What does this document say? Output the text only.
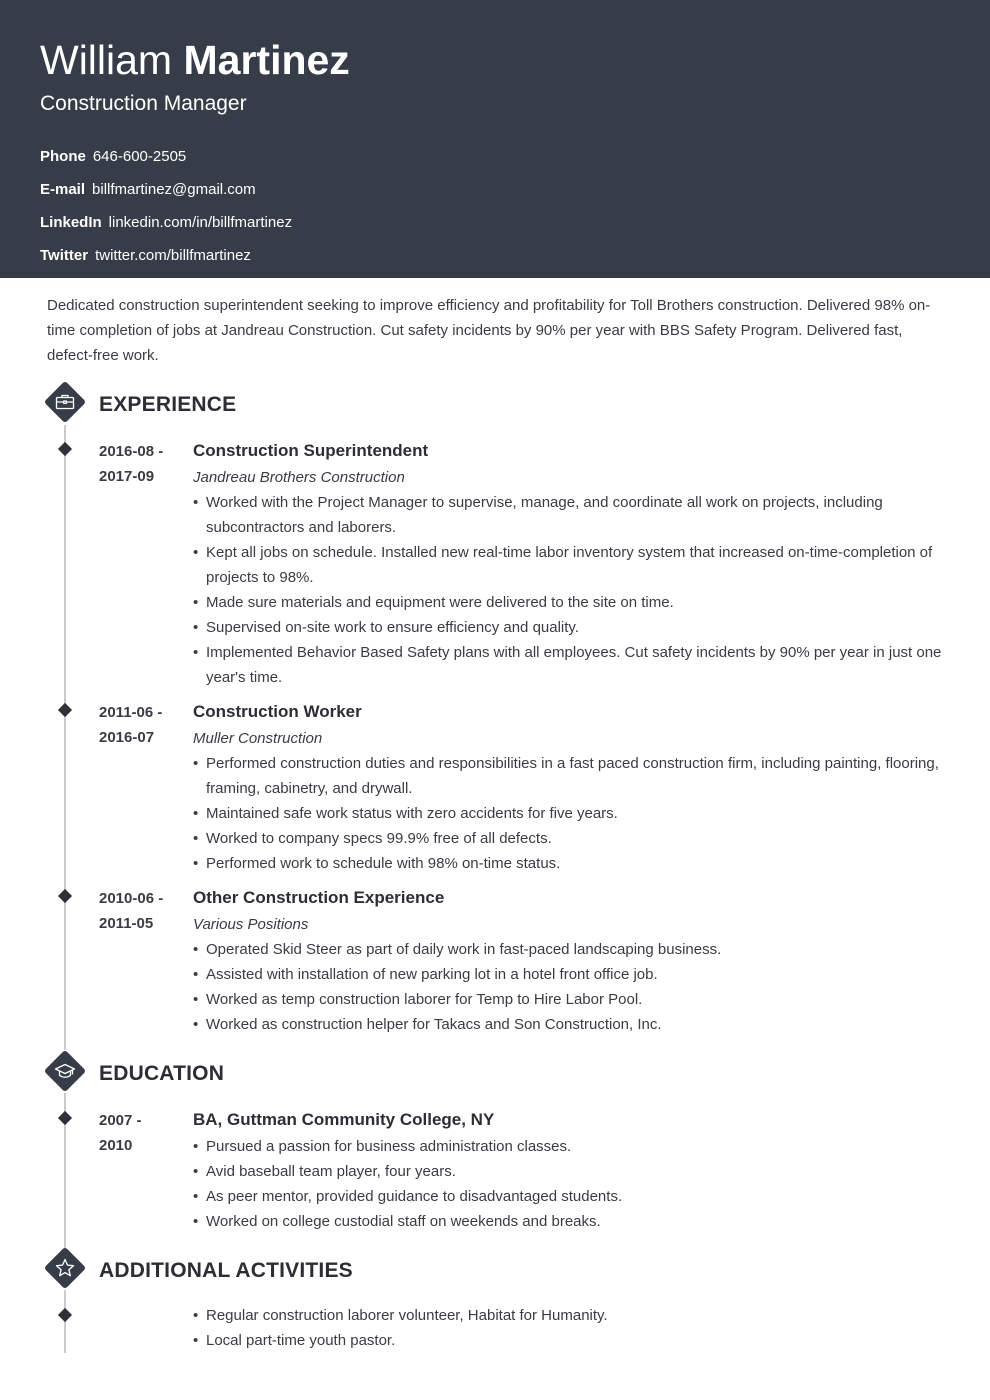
William Martinez
Construction Manager
Phone 646-600-2505
E-mail billfmartinez@gmail.com
LinkedIn linkedin.com/in/billfmartinez
Twitter twitter.com/billfmartinez
Dedicated construction superintendent seeking to improve efficiency and profitability for Toll Brothers construction. Delivered 98% on-time completion of jobs at Jandreau Construction. Cut safety incidents by 90% per year with BBS Safety Program. Delivered fast, defect-free work.
EXPERIENCE
2016-08 -
2017-09
Construction Superintendent
Jandreau Brothers Construction
• Worked with the Project Manager to supervise, manage, and coordinate all work on projects, including subcontractors and laborers.
• Kept all jobs on schedule. Installed new real-time labor inventory system that increased on-time-completion of projects to 98%.
• Made sure materials and equipment were delivered to the site on time.
• Supervised on-site work to ensure efficiency and quality.
• Implemented Behavior Based Safety plans with all employees. Cut safety incidents by 90% per year in just one year's time.
2011-06 -
2016-07
Construction Worker
Muller Construction
• Performed construction duties and responsibilities in a fast paced construction firm, including painting, flooring, framing, cabinetry, and drywall.
• Maintained safe work status with zero accidents for five years.
• Worked to company specs 99.9% free of all defects.
• Performed work to schedule with 98% on-time status.
2010-06 -
2011-05
Other Construction Experience
Various Positions
• Operated Skid Steer as part of daily work in fast-paced landscaping business.
• Assisted with installation of new parking lot in a hotel front office job.
• Worked as temp construction laborer for Temp to Hire Labor Pool.
• Worked as construction helper for Takacs and Son Construction, Inc.
EDUCATION
2007 -
2010
BA, Guttman Community College, NY
• Pursued a passion for business administration classes.
• Avid baseball team player, four years.
• As peer mentor, provided guidance to disadvantaged students.
• Worked on college custodial staff on weekends and breaks.
ADDITIONAL ACTIVITIES
• Regular construction laborer volunteer, Habitat for Humanity.
• Local part-time youth pastor.
